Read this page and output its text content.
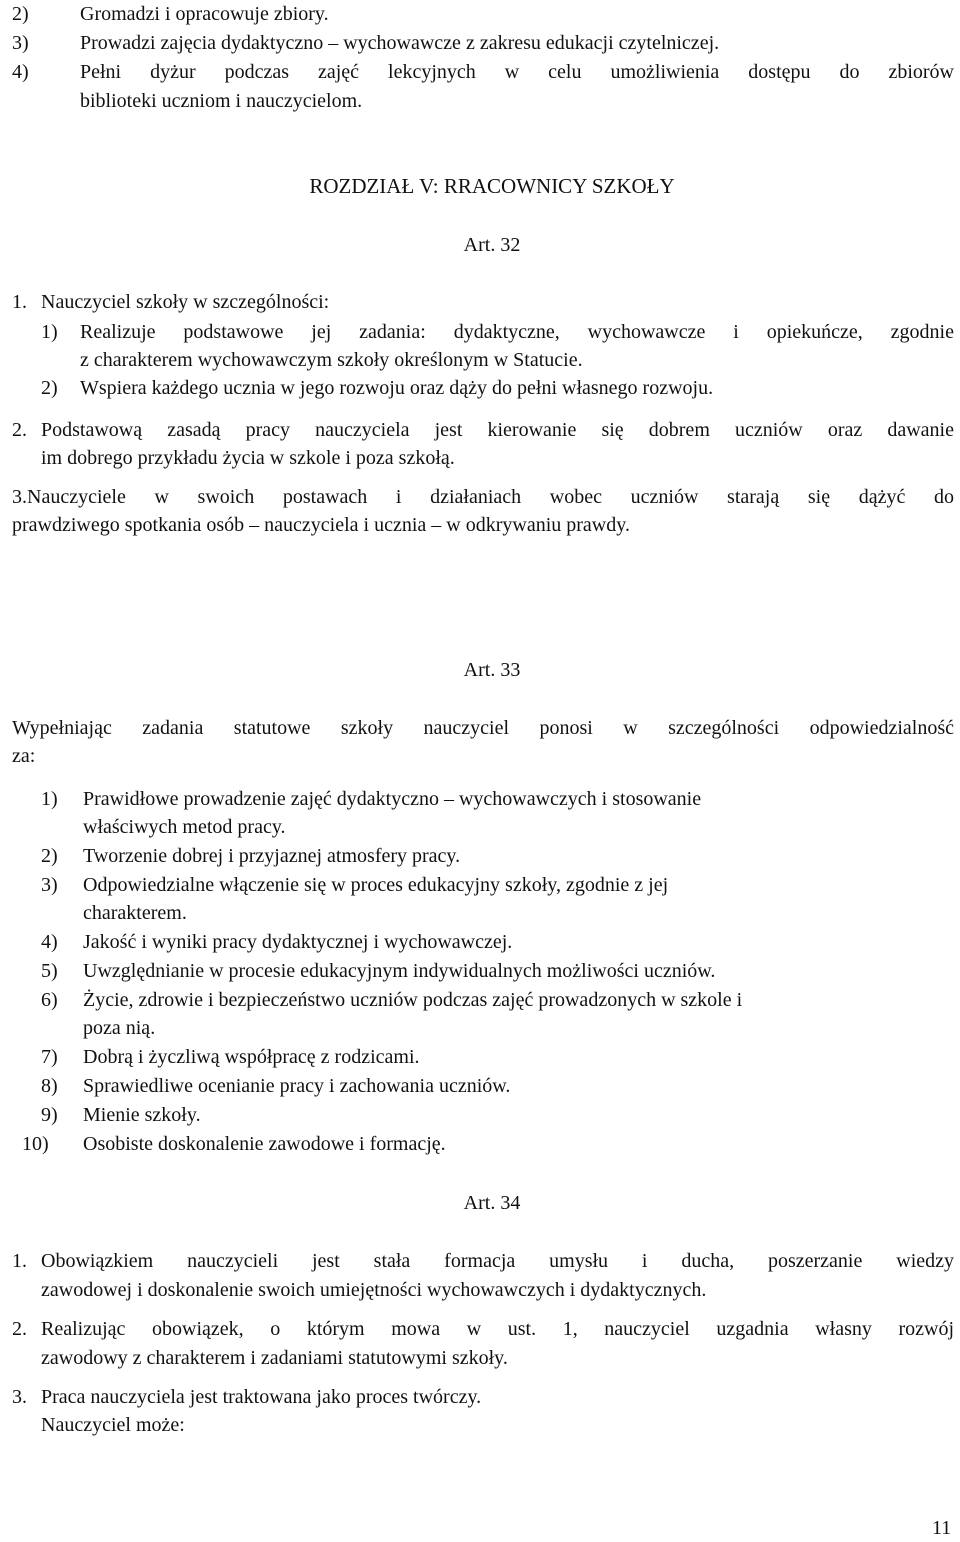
2)	Gromadzi i opracowuje zbiory.
3)	Prowadzi zajęcia dydaktyczno – wychowawcze z zakresu edukacji czytelniczej.
4)	Pełni dyżur podczas zajęć lekcyjnych w celu umożliwienia dostępu do zbiorów
biblioteki uczniom i nauczycielom.
ROZDZIAŁ V: RRACOWNICY SZKOŁY
Art. 32
1. Nauczyciel szkoły w szczególności:
1) Realizuje podstawowe jej zadania: dydaktyczne, wychowawcze i opiekuńcze, zgodnie
z charakterem wychowawczym szkoły określonym w Statucie.
2) Wspiera każdego ucznia w jego rozwoju oraz dąży do pełni własnego rozwoju.
2. Podstawową zasadą pracy nauczyciela jest kierowanie się dobrem uczniów oraz dawanie
im dobrego przykładu życia w szkole i poza szkołą.
3.Nauczyciele w swoich postawach i działaniach wobec uczniów starają się dążyć do
prawdziwego spotkania osób – nauczyciela i ucznia – w odkrywaniu prawdy.
Art. 33
Wypełniając zadania statutowe szkoły nauczyciel ponosi w szczególności odpowiedzialność
za:
1) Prawidłowe prowadzenie zajęć dydaktyczno – wychowawczych i stosowanie
właściwych metod pracy.
2) Tworzenie dobrej i przyjaznej atmosfery pracy.
3) Odpowiedzialne włączenie się w proces edukacyjny szkoły, zgodnie z jej
charakterem.
4) Jakość i wyniki pracy dydaktycznej i wychowawczej.
5) Uwzględnianie w procesie edukacyjnym indywidualnych możliwości uczniów.
6) Życie, zdrowie i bezpieczeństwo uczniów podczas zajęć prowadzonych w szkole i
poza nią.
7) Dobrą i życzliwą współpracę z rodzicami.
8) Sprawiedliwe ocenianie pracy i zachowania uczniów.
9) Mienie szkoły.
10) Osobiste doskonalenie zawodowe i formację.
Art. 34
1. Obowiązkiem nauczycieli jest stała formacja umysłu i ducha, poszerzanie wiedzy
zawodowej i doskonalenie swoich umiejętności wychowawczych i dydaktycznych.
2. Realizując obowiązek, o którym mowa w ust. 1, nauczyciel uzgadnia własny rozwój
zawodowy z charakterem i zadaniami statutowymi szkoły.
3. Praca nauczyciela jest traktowana jako proces twórczy.
Nauczyciel może:
11
